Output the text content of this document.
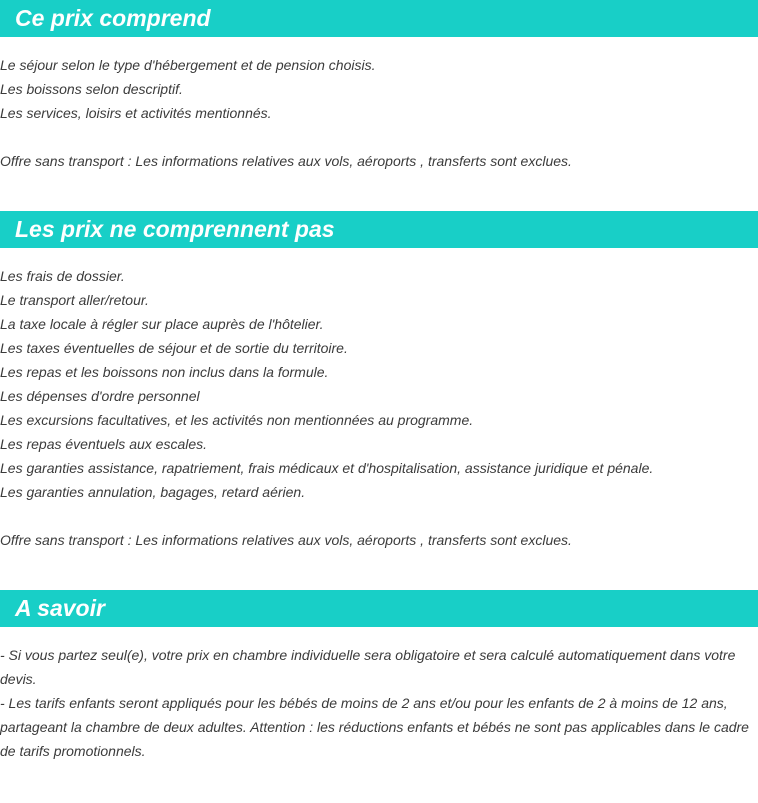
Ce prix comprend
Le séjour selon le type d'hébergement et de pension choisis.
Les boissons selon descriptif.
Les services, loisirs et activités mentionnés.
Offre sans transport : Les informations relatives aux vols, aéroports , transferts sont exclues.
Les prix ne comprennent pas
Les frais de dossier.
Le transport aller/retour.
La taxe locale à régler sur place auprès de l'hôtelier.
Les taxes éventuelles de séjour et de sortie du territoire.
Les repas et les boissons non inclus dans la formule.
Les dépenses d'ordre personnel
Les excursions facultatives, et les activités non mentionnées au programme.
Les repas éventuels aux escales.
Les garanties assistance, rapatriement, frais médicaux et d'hospitalisation, assistance juridique et pénale.
Les garanties annulation, bagages, retard aérien.
Offre sans transport : Les informations relatives aux vols, aéroports , transferts sont exclues.
A savoir
- Si vous partez seul(e), votre prix en chambre individuelle sera obligatoire et sera calculé automatiquement dans votre devis.
- Les tarifs enfants seront appliqués pour les bébés de moins de 2 ans et/ou pour les enfants de 2 à moins de 12 ans, partageant la chambre de deux adultes. Attention : les réductions enfants et bébés ne sont pas applicables dans le cadre de tarifs promotionnels.
